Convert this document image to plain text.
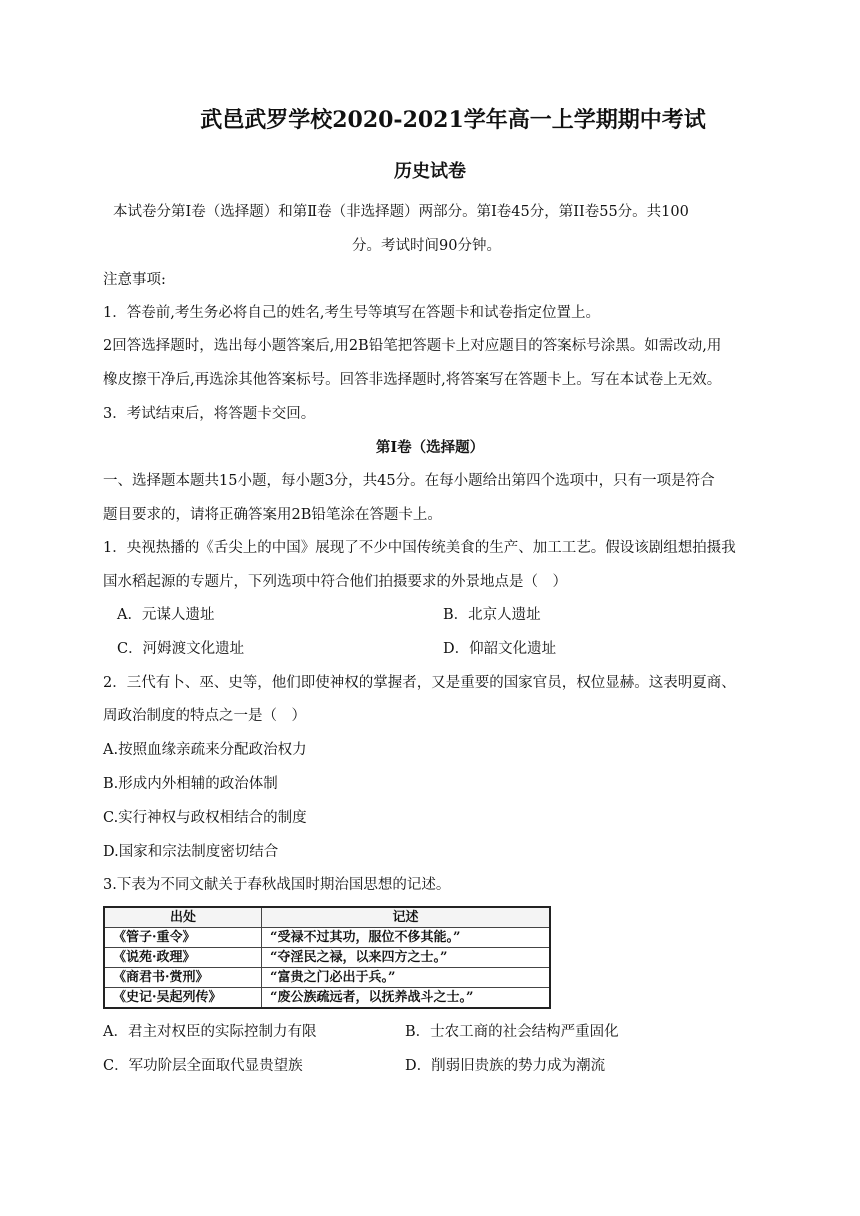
武邑武罗学校2020-2021学年高一上学期期中考试
历史试卷
本试卷分第Ⅰ卷（选择题）和第Ⅱ卷（非选择题）两部分。第Ⅰ卷45分，第II卷55分。共100
分。考试时间90分钟。
注意事项:
1．答卷前,考生务必将自己的姓名,考生号等填写在答题卡和试卷指定位置上。
2回答选择题时，选出每小题答案后,用2B铅笔把答题卡上对应题目的答案标号涂黑。如需改动,用
橡皮擦干净后,再选涂其他答案标号。回答非选择题时,将答案写在答题卡上。写在本试卷上无效。
3．考试结束后，将答题卡交回。
第Ⅰ卷（选择题）
一、选择题本题共15小题，每小题3分，共45分。在每小题给出第四个选项中，只有一项是符合
题目要求的，请将正确答案用2B铅笔涂在答题卡上。
1．央视热播的《舌尖上的中国》展现了不少中国传统美食的生产、加工工艺。假设该剧组想拍摄我
国水稻起源的专题片，下列选项中符合他们拍摄要求的外景地点是（　）
A．元谋人遗址	B．北京人遗址
C．河姆渡文化遗址	D．仰韶文化遗址
2．三代有卜、巫、史等，他们即使神权的掌握者，又是重要的国家官员，权位显赫。这表明夏商、
周政治制度的特点之一是（　）
A.按照血缘亲疏来分配政治权力
B.形成内外相辅的政治体制
C.实行神权与政权相结合的制度
D.国家和宗法制度密切结合
3.下表为不同文献关于春秋战国时期治国思想的记述。
出处	记述
《管子·重令》	“受禄不过其功，服位不侈其能。”
《说苑·政理》	“夺淫民之禄，以来四方之士。”
《商君书·赏刑》	“富贵之门必出于兵。”
《史记·吴起列传》	“废公族疏远者，以抚养战斗之士。”
A．君主对权臣的实际控制力有限	B．士农工商的社会结构严重固化
C．军功阶层全面取代显贵望族	D．削弱旧贵族的势力成为潮流
